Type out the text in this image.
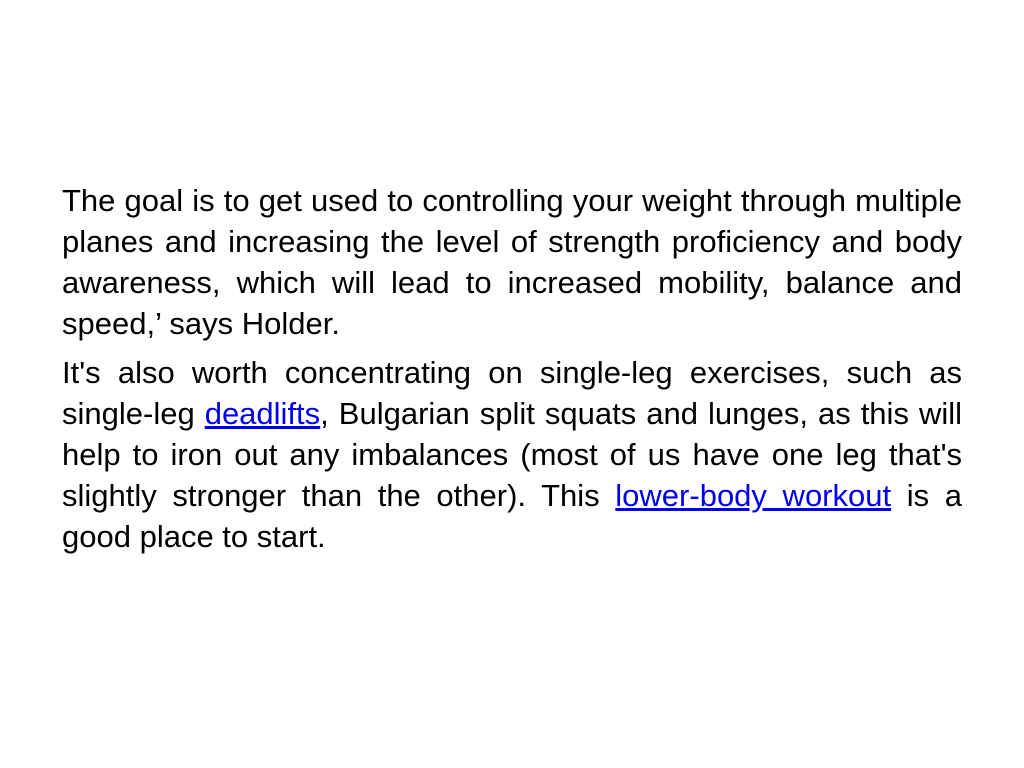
The goal is to get used to controlling your weight through multiple planes and increasing the level of strength proficiency and body awareness, which will lead to increased mobility, balance and speed,’ says Holder.

It's also worth concentrating on single-leg exercises, such as single-leg deadlifts, Bulgarian split squats and lunges, as this will help to iron out any imbalances (most of us have one leg that's slightly stronger than the other). This lower-body workout is a good place to start.
